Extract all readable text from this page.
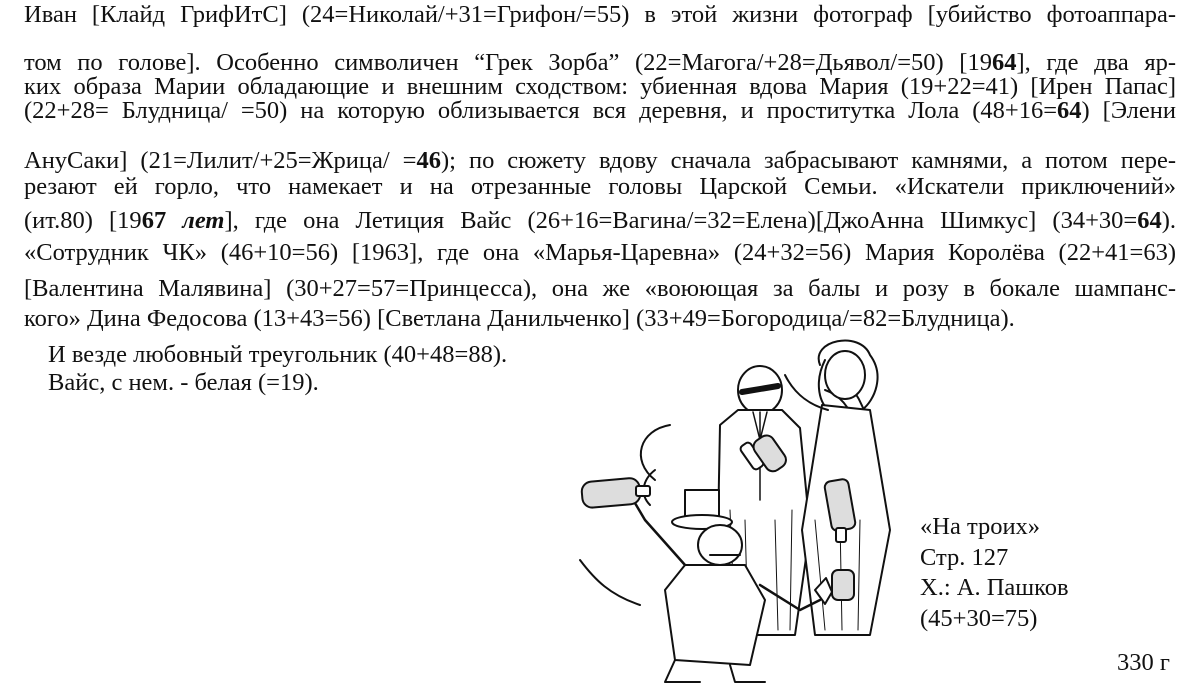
Иван [Клайд ГрифИтС] (24=Николай/+31=Грифон/=55) в этой жизни фотограф [убийство фотоаппара-
том по голове]. Особенно символичен “Грек Зорба” (22=Магога/+28=Дьявол/=50) [1964], где два яр-
ких образа Марии обладающие и внешним сходством: убиенная вдова Мария (19+22=41) [Ирен Папас]
(22+28= Блудница/ =50) на которую облизывается вся деревня, и проститутка Лола (48+16=64) [Элени
АнуСаки] (21=Лилит/+25=Жрица/ =46); по сюжету вдову сначала забрасывают камнями, а потом пере-
резают ей горло, что намекает и на отрезанные головы Царской Семьи. «Искатели приключений»
(ит.80) [1967 лет], где она Летиция Вайс (26+16=Вагина/=32=Елена)[ДжоАнна Шимкус] (34+30=64).
«Сотрудник ЧК» (46+10=56) [1963], где она «Марья-Царевна» (24+32=56) Мария Королёва (22+41=63)
[Валентина Малявина] (30+27=57=Принцесса), она же «воюющая за балы и розу в бокале шампанс-
кого» Дина Федосова (13+43=56) [Светлана Данильченко] (33+49=Богородица/=82=Блудница).
И везде любовный треугольник (40+48=88).
Вайс, с нем. - белая (=19).
«На троих»
Стр. 127
Х.: А. Пашков
(45+30=75)
330 г
